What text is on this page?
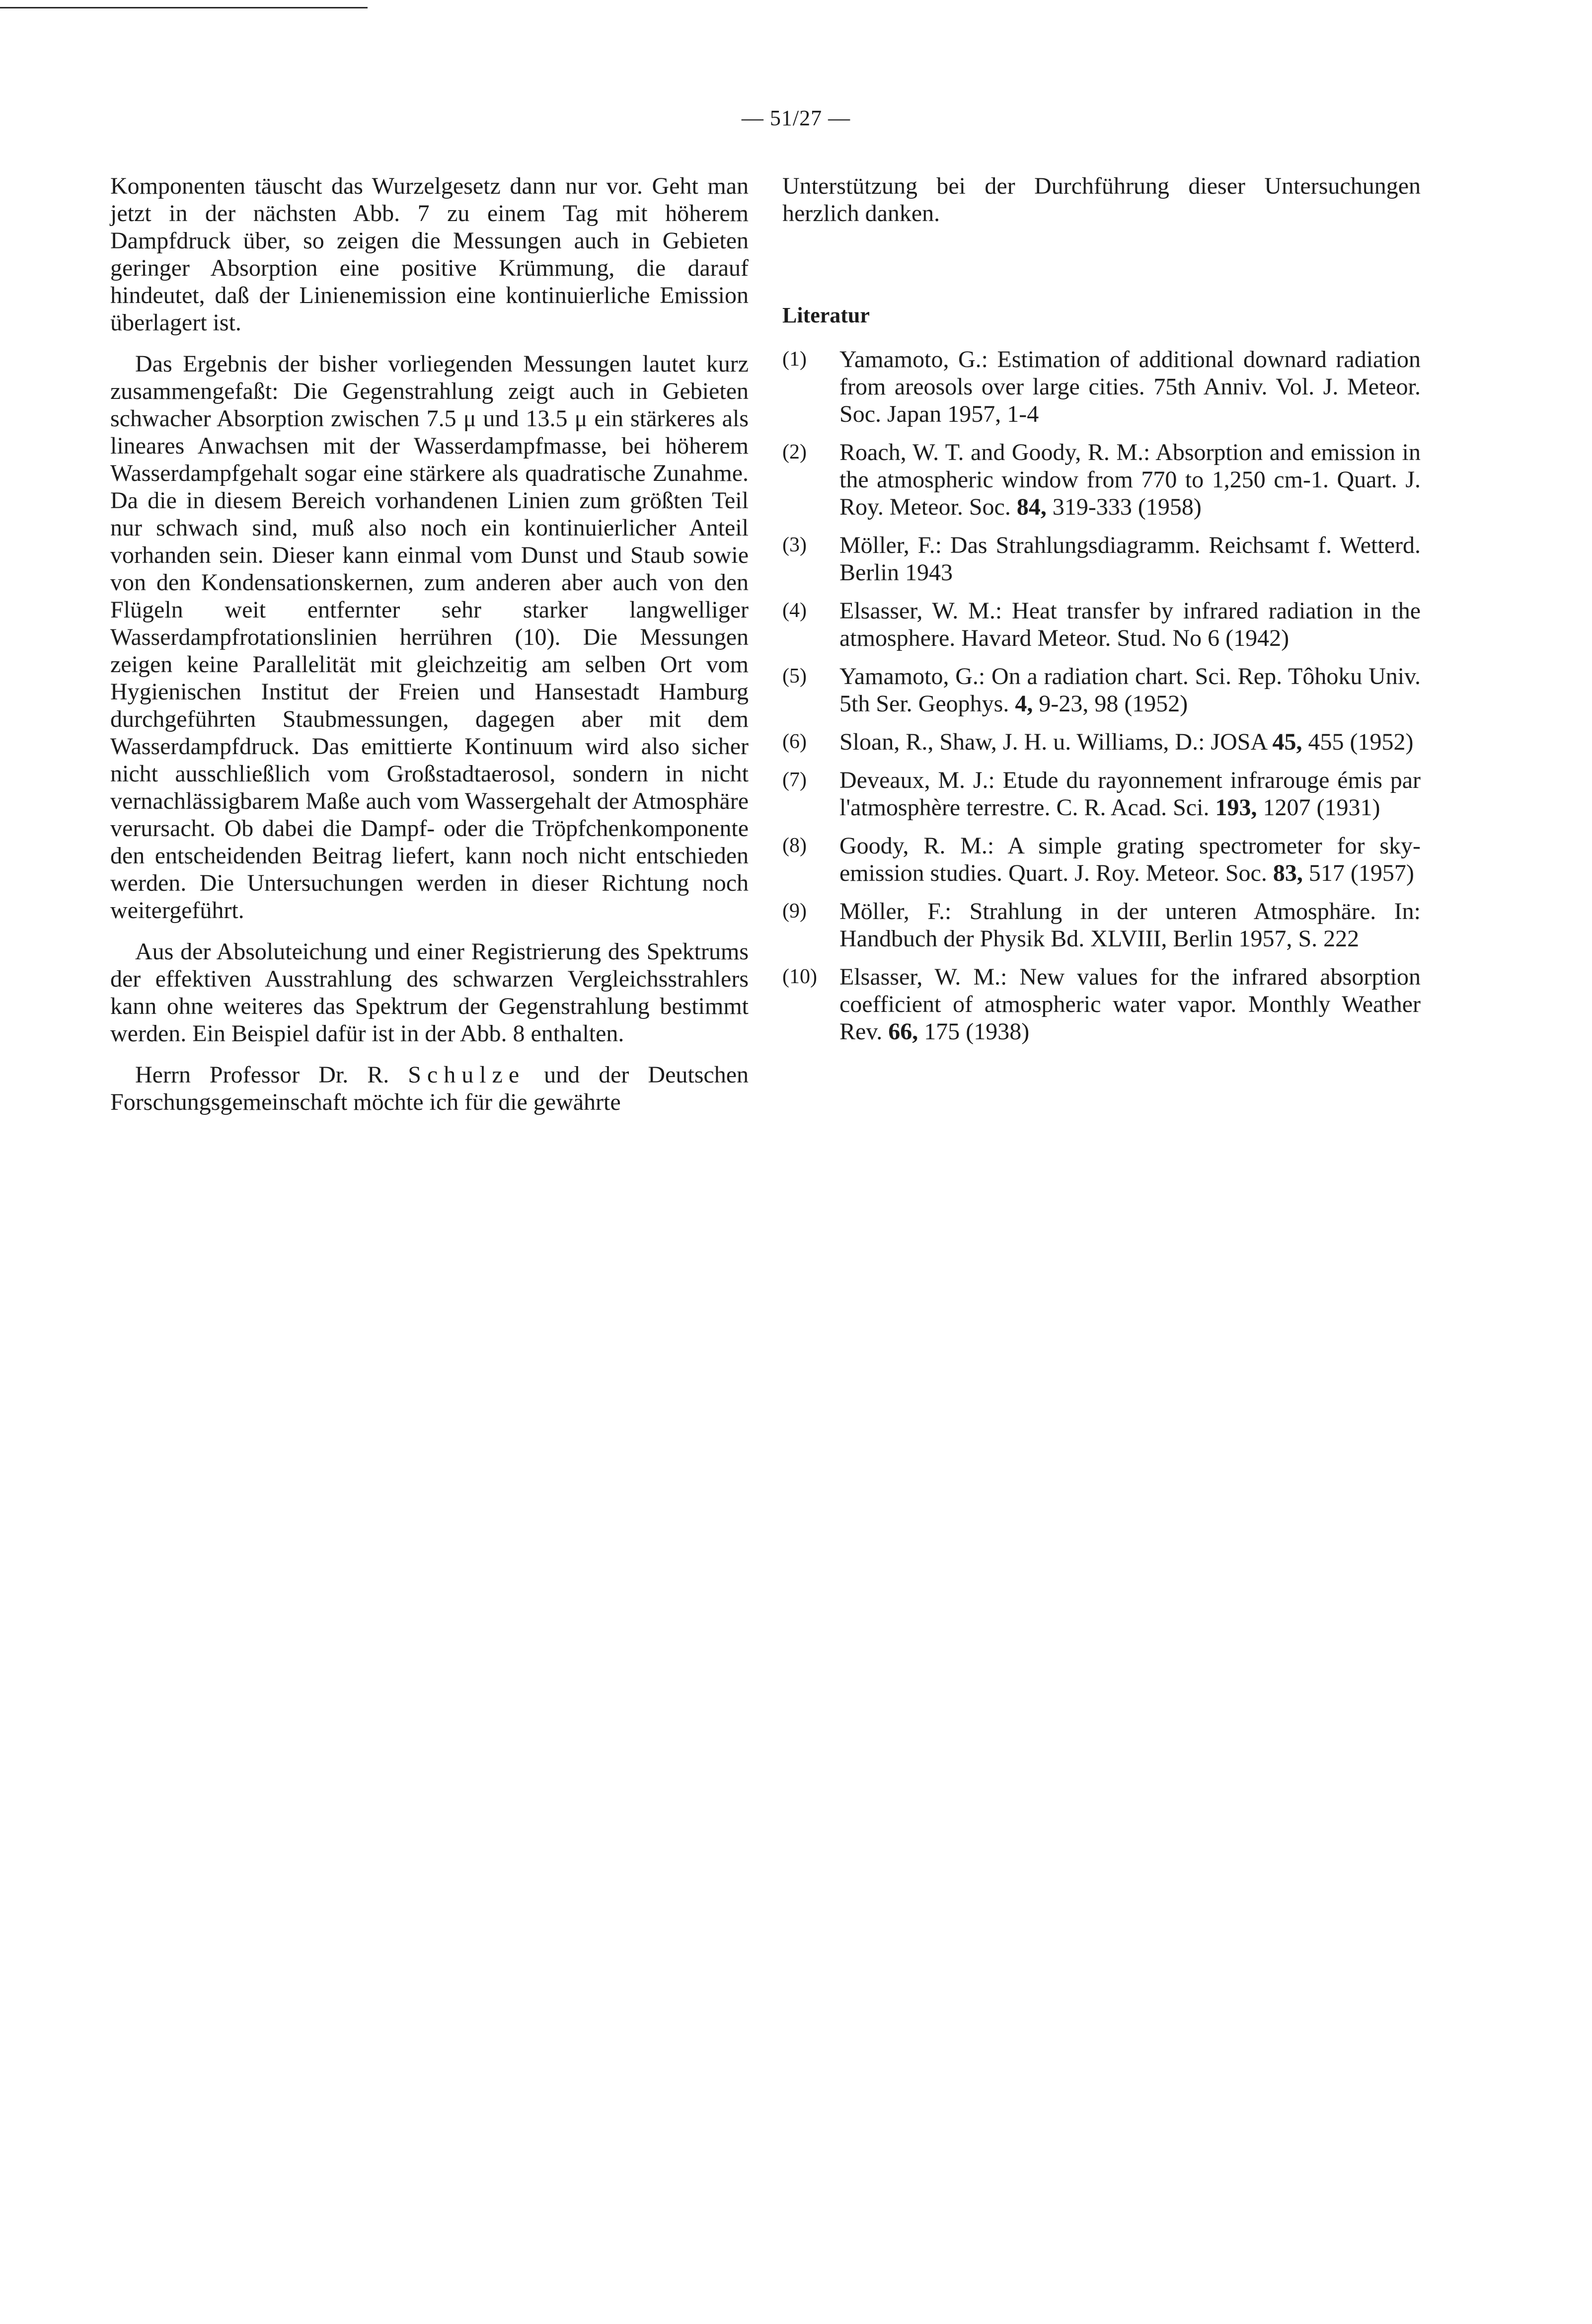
— 51/27 —

Komponenten täuscht das Wurzelgesetz dann nur vor. Geht man jetzt in der nächsten Abb. 7 zu einem Tag mit höherem Dampfdruck über, so zeigen die Messungen auch in Gebieten geringer Absorption eine positive Krümmung, die darauf hindeutet, daß der Linienemission eine kontinuierliche Emission überlagert ist.

Das Ergebnis der bisher vorliegenden Messungen lautet kurz zusammengefaßt: Die Gegenstrahlung zeigt auch in Gebieten schwacher Absorption zwischen 7.5 μ und 13.5 μ ein stärkeres als lineares Anwachsen mit der Wasserdampfmasse, bei höherem Wasserdampfgehalt sogar eine stärkere als quadratische Zunahme. Da die in diesem Bereich vorhandenen Linien zum größten Teil nur schwach sind, muß also noch ein kontinuierlicher Anteil vorhanden sein. Dieser kann einmal vom Dunst und Staub sowie von den Kondensationskernen, zum anderen aber auch von den Flügeln weit entfernter sehr starker langwelliger Wasserdampfrotationslinien herrühren (10). Die Messungen zeigen keine Parallelität mit gleichzeitig am selben Ort vom Hygienischen Institut der Freien und Hansestadt Hamburg durchgeführten Staubmessungen, dagegen aber mit dem Wasserdampfdruck. Das emittierte Kontinuum wird also sicher nicht ausschließlich vom Großstadtaerosol, sondern in nicht vernachlässigbarem Maße auch vom Wassergehalt der Atmosphäre verursacht. Ob dabei die Dampf- oder die Tröpfchenkomponente den entscheidenden Beitrag liefert, kann noch nicht entschieden werden. Die Untersuchungen werden in dieser Richtung noch weitergeführt.

Aus der Absoluteichung und einer Registrierung des Spektrums der effektiven Ausstrahlung des schwarzen Vergleichsstrahlers kann ohne weiteres das Spektrum der Gegenstrahlung bestimmt werden. Ein Beispiel dafür ist in der Abb. 8 enthalten.

Herrn Professor Dr. R. Schulze und der Deutschen Forschungsgemeinschaft möchte ich für die gewährte

Unterstützung bei der Durchführung dieser Untersuchungen herzlich danken.

Literatur
(1)	Yamamoto, G.: Estimation of additional downard radiation from areosols over large cities. 75th Anniv. Vol. J. Meteor. Soc. Japan 1957, 1-4
(2)	Roach, W. T. and Goody, R. M.: Absorption and emission in the atmospheric window from 770 to 1,250 cm-1. Quart. J. Roy. Meteor. Soc. 84, 319-333 (1958)
(3)	Möller, F.: Das Strahlungsdiagramm. Reichsamt f. Wetterd. Berlin 1943
(4)	Elsasser, W. M.: Heat transfer by infrared radiation in the atmosphere. Havard Meteor. Stud. No 6 (1942)
(5)	Yamamoto, G.: On a radiation chart. Sci. Rep. Tôhoku Univ. 5th Ser. Geophys. 4, 9-23, 98 (1952)
(6)	Sloan, R., Shaw, J. H. u. Williams, D.: JOSA 45, 455 (1952)
(7)	Deveaux, M. J.: Etude du rayonnement infrarouge émis par l'atmosphère terrestre. C. R. Acad. Sci. 193, 1207 (1931)
(8)	Goody, R. M.: A simple grating spectrometer for sky-emission studies. Quart. J. Roy. Meteor. Soc. 83, 517 (1957)
(9)	Möller, F.: Strahlung in der unteren Atmosphäre. In: Handbuch der Physik Bd. XLVIII, Berlin 1957, S. 222
(10) Elsasser, W. M.: New values for the infrared absorption coefficient of atmospheric water vapor. Monthly Weather Rev. 66, 175 (1938)
